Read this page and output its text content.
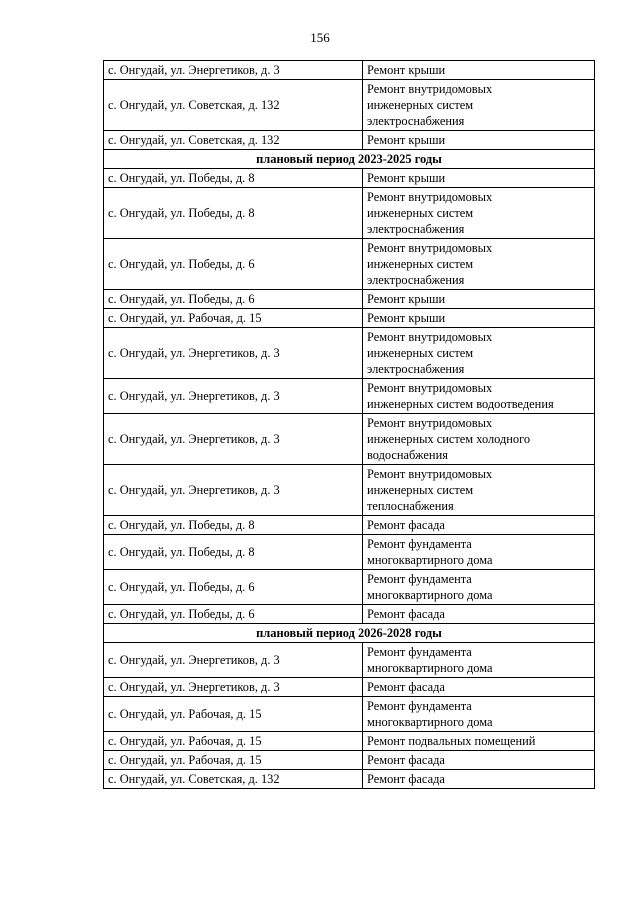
156
с. Онгудай, ул. Энергетиков, д. 3	Ремонт крыши
с. Онгудай, ул. Советская, д. 132	Ремонт внутридомовых
инженерных систем
электроснабжения
с. Онгудай, ул. Советская, д. 132	Ремонт крыши
плановый период 2023-2025 годы	
с. Онгудай, ул. Победы, д. 8	Ремонт крыши
с. Онгудай, ул. Победы, д. 8	Ремонт внутридомовых
инженерных систем
электроснабжения
с. Онгудай, ул. Победы, д. 6	Ремонт внутридомовых
инженерных систем
электроснабжения
с. Онгудай, ул. Победы, д. 6	Ремонт крыши
с. Онгудай, ул. Рабочая, д. 15	Ремонт крыши
с. Онгудай, ул. Энергетиков, д. 3	Ремонт внутридомовых
инженерных систем
электроснабжения
с. Онгудай, ул. Энергетиков, д. 3	Ремонт внутридомовых
инженерных систем водоотведения
с. Онгудай, ул. Энергетиков, д. 3	Ремонт внутридомовых
инженерных систем холодного
водоснабжения
с. Онгудай, ул. Энергетиков, д. 3	Ремонт внутридомовых
инженерных систем
теплоснабжения
с. Онгудай, ул. Победы, д. 8	Ремонт фасада
с. Онгудай, ул. Победы, д. 8	Ремонт фундамента
многоквартирного дома
с. Онгудай, ул. Победы, д. 6	Ремонт фундамента
многоквартирного дома
с. Онгудай, ул. Победы, д. 6	Ремонт фасада
плановый период 2026-2028 годы	
с. Онгудай, ул. Энергетиков, д. 3	Ремонт фундамента
многоквартирного дома
с. Онгудай, ул. Энергетиков, д. 3	Ремонт фасада
с. Онгудай, ул. Рабочая, д. 15	Ремонт фундамента
многоквартирного дома
с. Онгудай, ул. Рабочая, д. 15	Ремонт подвальных помещений
с. Онгудай, ул. Рабочая, д. 15	Ремонт фасада
с. Онгудай, ул. Советская, д. 132	Ремонт фасада
